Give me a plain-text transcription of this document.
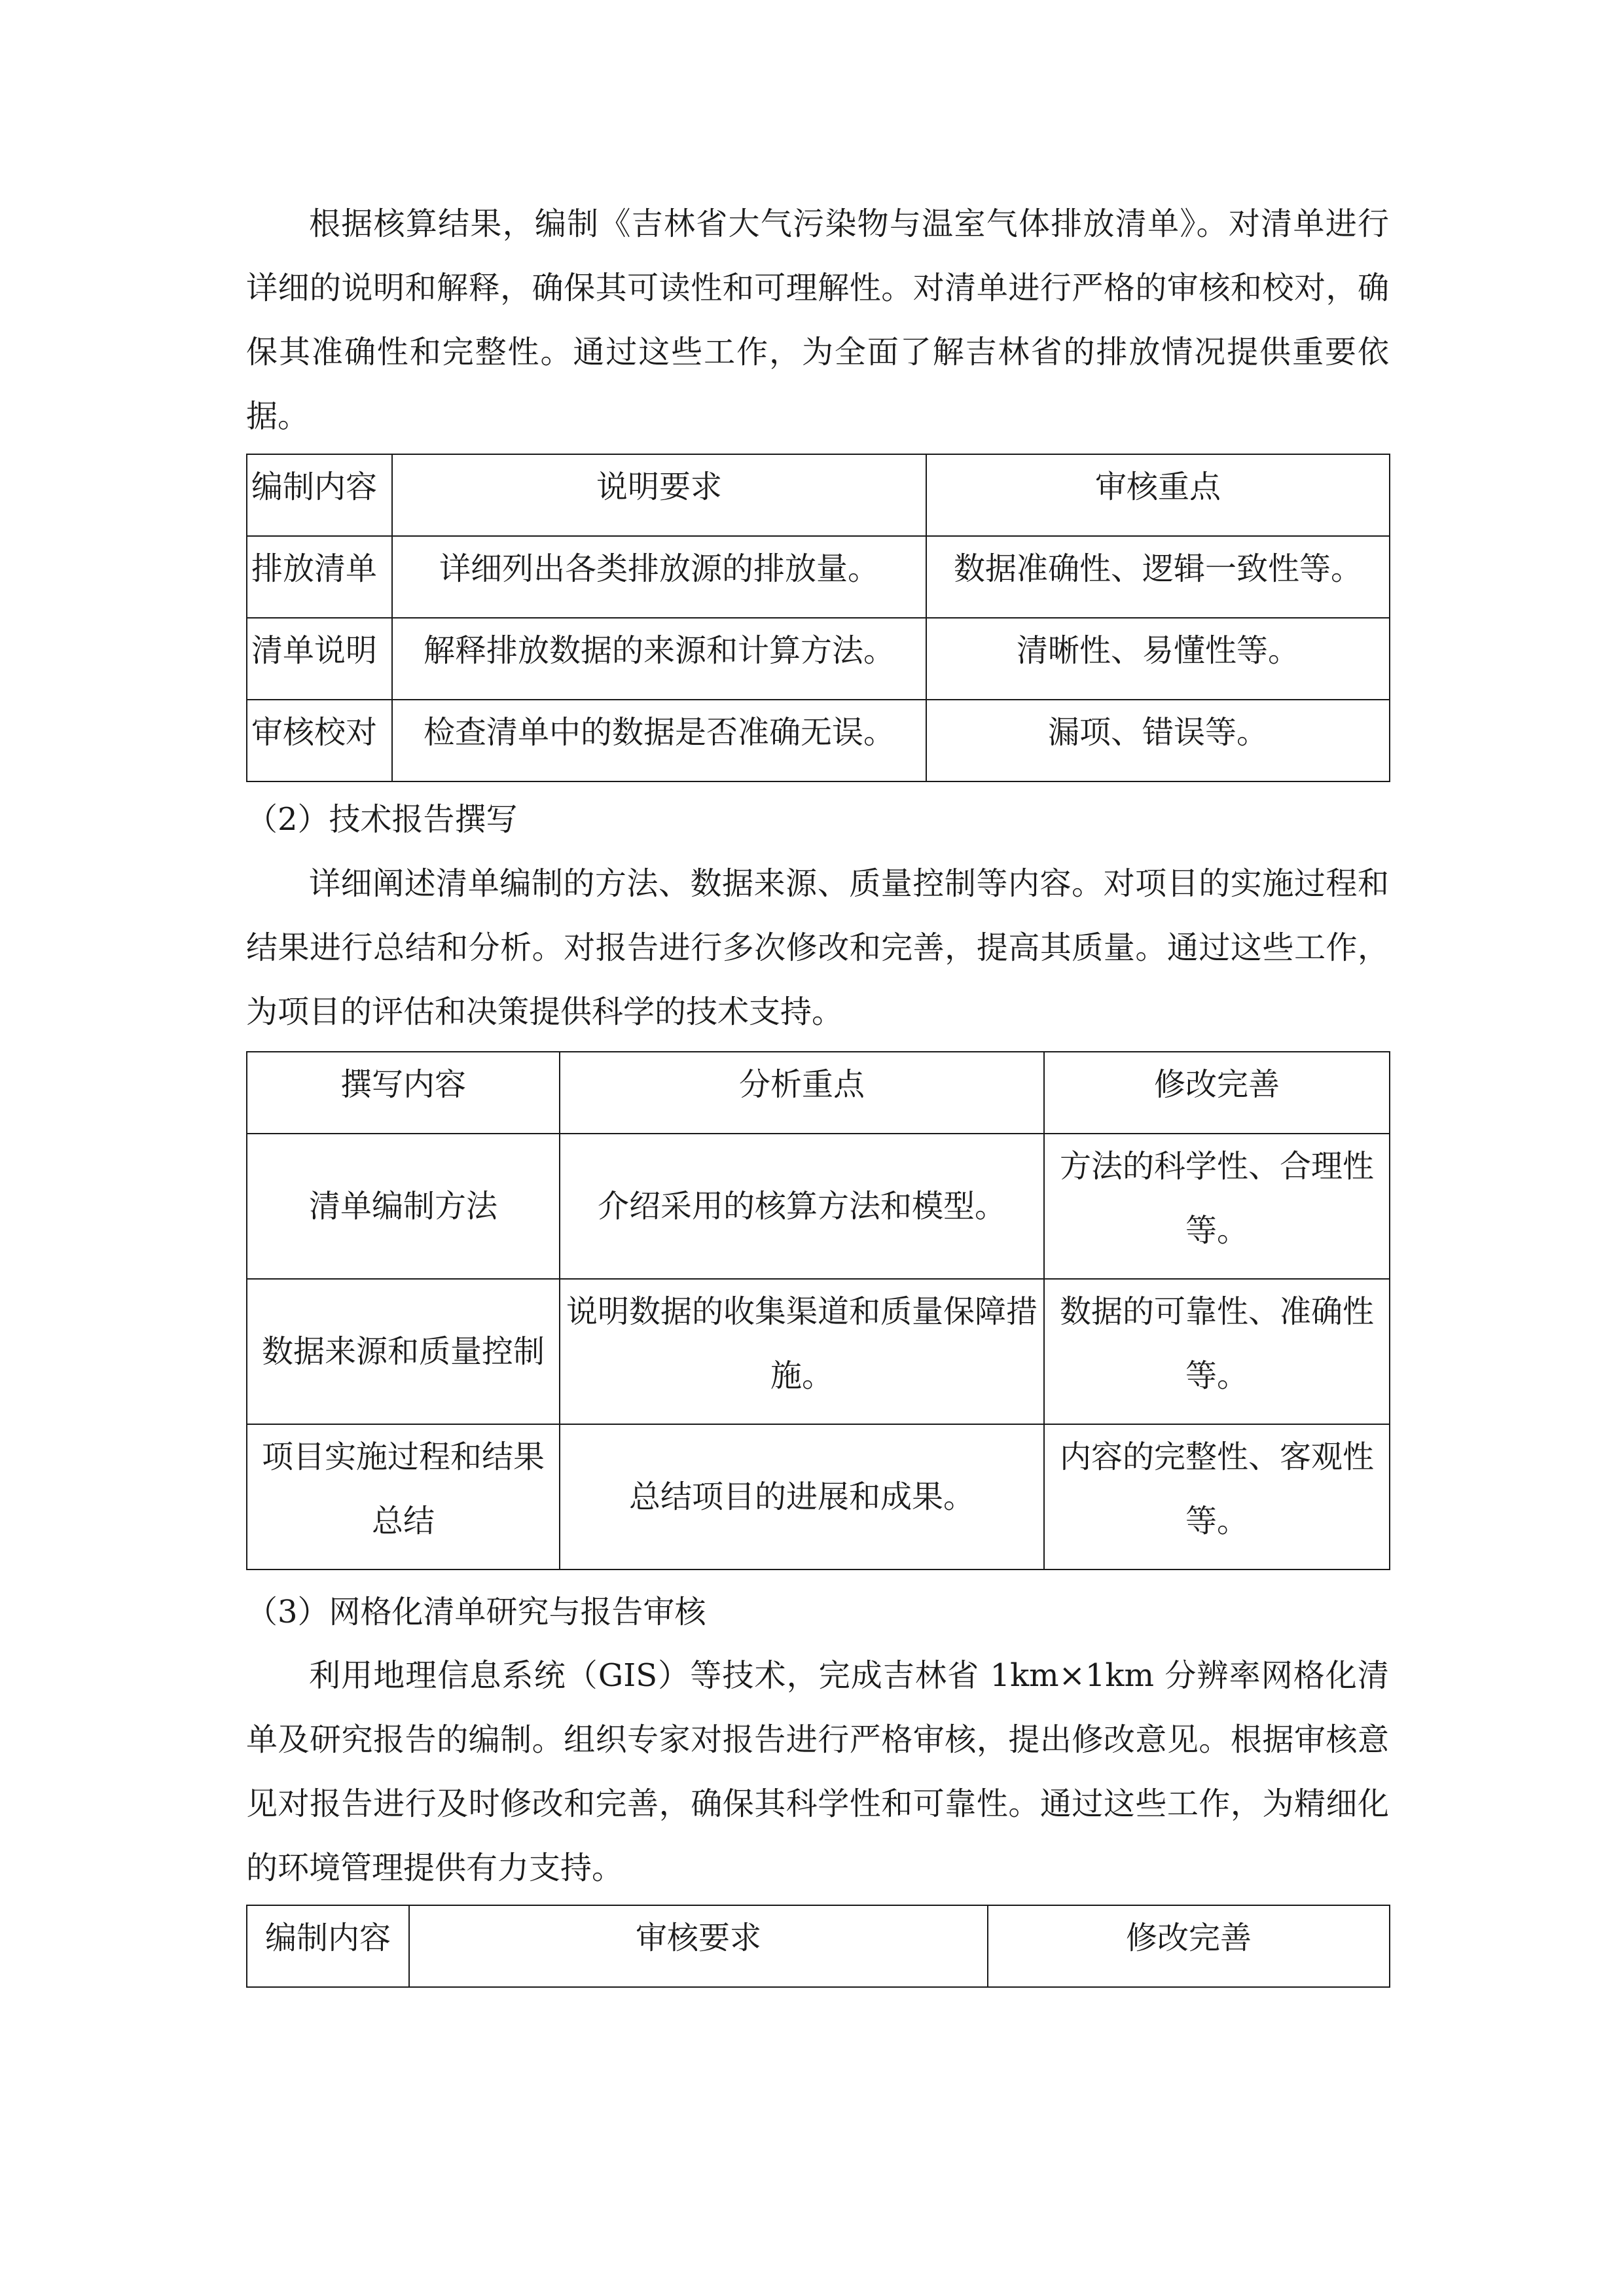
根据核算结果，编制《吉林省大气污染物与温室气体排放清单》。对清单进行详细的说明和解释，确保其可读性和可理解性。对清单进行严格的审核和校对，确保其准确性和完整性。通过这些工作，为全面了解吉林省的排放情况提供重要依据。

编制内容	说明要求	审核重点
排放清单	详细列出各类排放源的排放量。	数据准确性、逻辑一致性等。
清单说明	解释排放数据的来源和计算方法。	清晰性、易懂性等。
审核校对	检查清单中的数据是否准确无误。	漏项、错误等。

（2）技术报告撰写

详细阐述清单编制的方法、数据来源、质量控制等内容。对项目的实施过程和结果进行总结和分析。对报告进行多次修改和完善，提高其质量。通过这些工作，为项目的评估和决策提供科学的技术支持。

撰写内容	分析重点	修改完善
清单编制方法	介绍采用的核算方法和模型。	方法的科学性、合理性等。
数据来源和质量控制	说明数据的收集渠道和质量保障措施。	数据的可靠性、准确性等。
项目实施过程和结果总结	总结项目的进展和成果。	内容的完整性、客观性等。

（3）网格化清单研究与报告审核

利用地理信息系统（GIS）等技术，完成吉林省 1km×1km 分辨率网格化清单及研究报告的编制。组织专家对报告进行严格审核，提出修改意见。根据审核意见对报告进行及时修改和完善，确保其科学性和可靠性。通过这些工作，为精细化的环境管理提供有力支持。

编制内容	审核要求	修改完善
